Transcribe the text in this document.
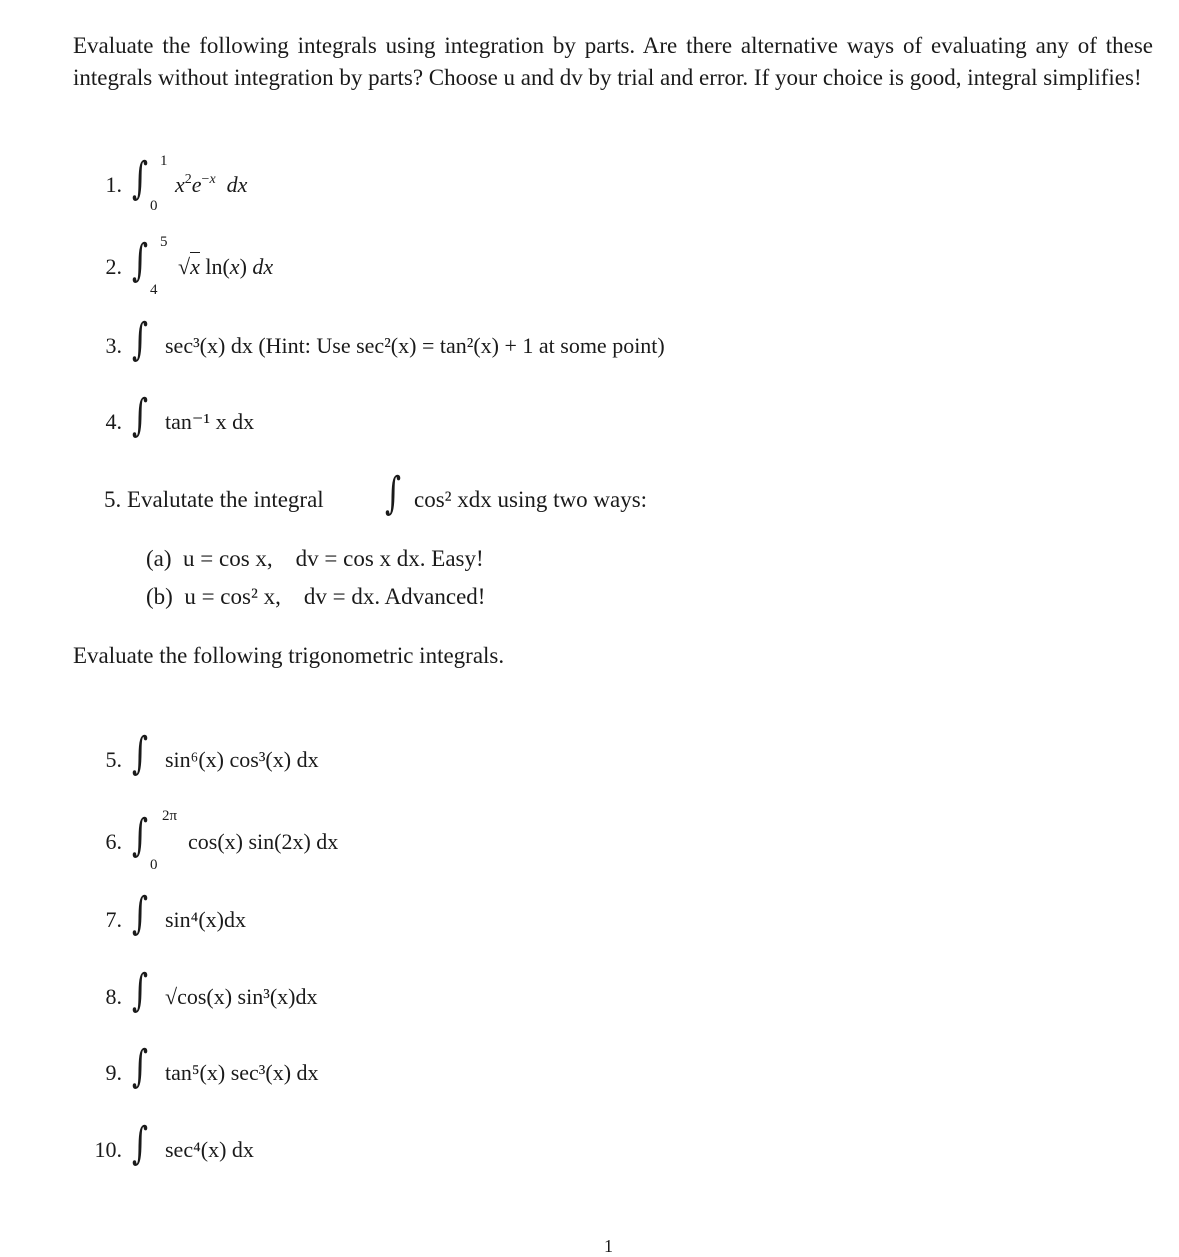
Evaluate the following integrals using integration by parts. Are there alternative ways of evaluating any of these integrals without integration by parts? Choose u and dv by trial and error. If your choice is good, integral simplifies!
1. ∫ 1
0
$x^2e^{-x}$ dx
2. ∫ 5
4
√x ln(x) dx
3. ∫ sec³(x) dx (Hint: Use sec²(x) = tan²(x) + 1 at some point)
4. ∫ tan⁻¹ x dx
5. Evalutate the integral ∫ cos² xdx using two ways:
(a)  u = cos x,    dv = cos x dx. Easy!
(b)  u = cos² x,    dv = dx. Advanced!
Evaluate the following trigonometric integrals.
5. ∫ sin⁶(x) cos³(x) dx
6. ∫ 2π
0
cos(x) sin(2x) dx
7. ∫ sin⁴(x)dx
8. ∫ √cos(x) sin³(x)dx
9. ∫ tan⁵(x) sec³(x) dx
10. ∫ sec⁴(x) dx
1
